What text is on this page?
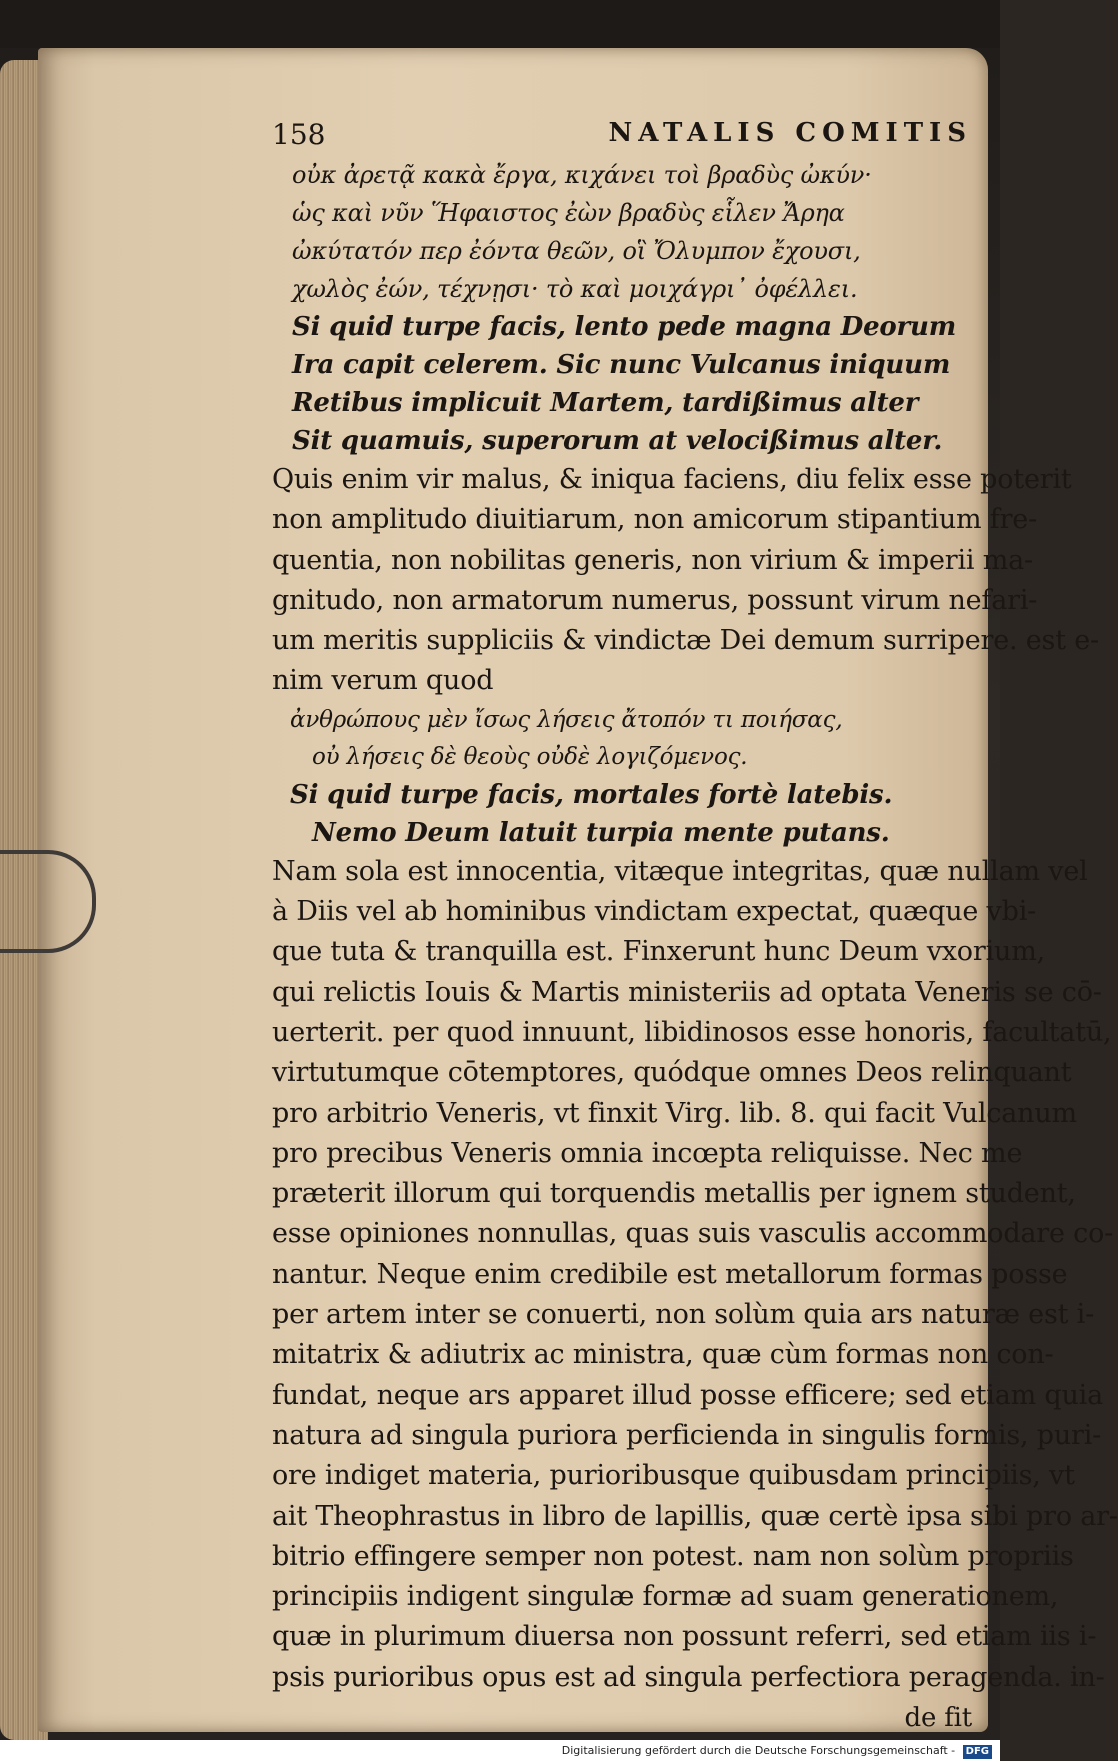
158	NATALIS COMITIS
οὐκ ἀρετᾷ κακὰ ἔργα, κιχάνει τοὶ βραδὺς ὠκύν·
ὡς καὶ νῦν Ἥφαιστος ἐὼν βραδὺς εἷλεν Ἄρηα
ὠκύτατόν περ ἐόντα θεῶν, οἳ Ὄλυμπον ἔχουσι,
χωλὸς ἐών, τέχνῃσι· τὸ καὶ μοιχάγρι᾽ ὀφέλλει.
Si quid turpe facis, lento pede magna Deorum
Ira capit celerem. Sic nunc Vulcanus iniquum
Retibus implicuit Martem, tardißimus alter
Sit quamuis, superorum at velocißimus alter.
Quis enim vir malus, & iniqua faciens, diu felix esse poterit
non amplitudo diuitiarum, non amicorum stipantium fre-
quentia, non nobilitas generis, non virium & imperii ma-
gnitudo, non armatorum numerus, possunt virum nefari-
um meritis suppliciis & vindictæ Dei demum surripere. est e-
nim verum quod
ἀνθρώπους μὲν ἴσως λήσεις ἄτοπόν τι ποιήσας,
οὐ λήσεις δὲ θεοὺς οὐδὲ λογιζόμενος.
Si quid turpe facis, mortales fortè latebis.
Nemo Deum latuit turpia mente putans.
Nam sola est innocentia, vitæque integritas, quæ nullam vel
à Diis vel ab hominibus vindictam expectat, quæque vbi-
que tuta & tranquilla est. Finxerunt hunc Deum vxorium,
qui relictis Iouis & Martis ministeriis ad optata Veneris se cō-
uerterit. per quod innuunt, libidinosos esse honoris, facultatū,
virtutumque cōtemptores, quódque omnes Deos relinquant
pro arbitrio Veneris, vt finxit Virg. lib. 8. qui facit Vulcanum
pro precibus Veneris omnia incœpta reliquisse. Nec me
præterit illorum qui torquendis metallis per ignem student,
esse opiniones nonnullas, quas suis vasculis accommodare co-
nantur. Neque enim credibile est metallorum formas posse
per artem inter se conuerti, non solùm quia ars naturæ est i-
mitatrix & adiutrix ac ministra, quæ cùm formas non con-
fundat, neque ars apparet illud posse efficere; sed etiam quia
natura ad singula puriora perficienda in singulis formis, puri-
ore indiget materia, purioribusque quibusdam principiis, vt
ait Theophrastus in libro de lapillis, quæ certè ipsa sibi pro ar-
bitrio effingere semper non potest. nam non solùm propriis
principiis indigent singulæ formæ ad suam generationem,
quæ in plurimum diuersa non possunt referri, sed etiam iis i-
psis purioribus opus est ad singula perfectiora peragenda. in-
de fit
Digitalisierung gefördert durch die Deutsche Forschungsgemeinschaft - DFG
